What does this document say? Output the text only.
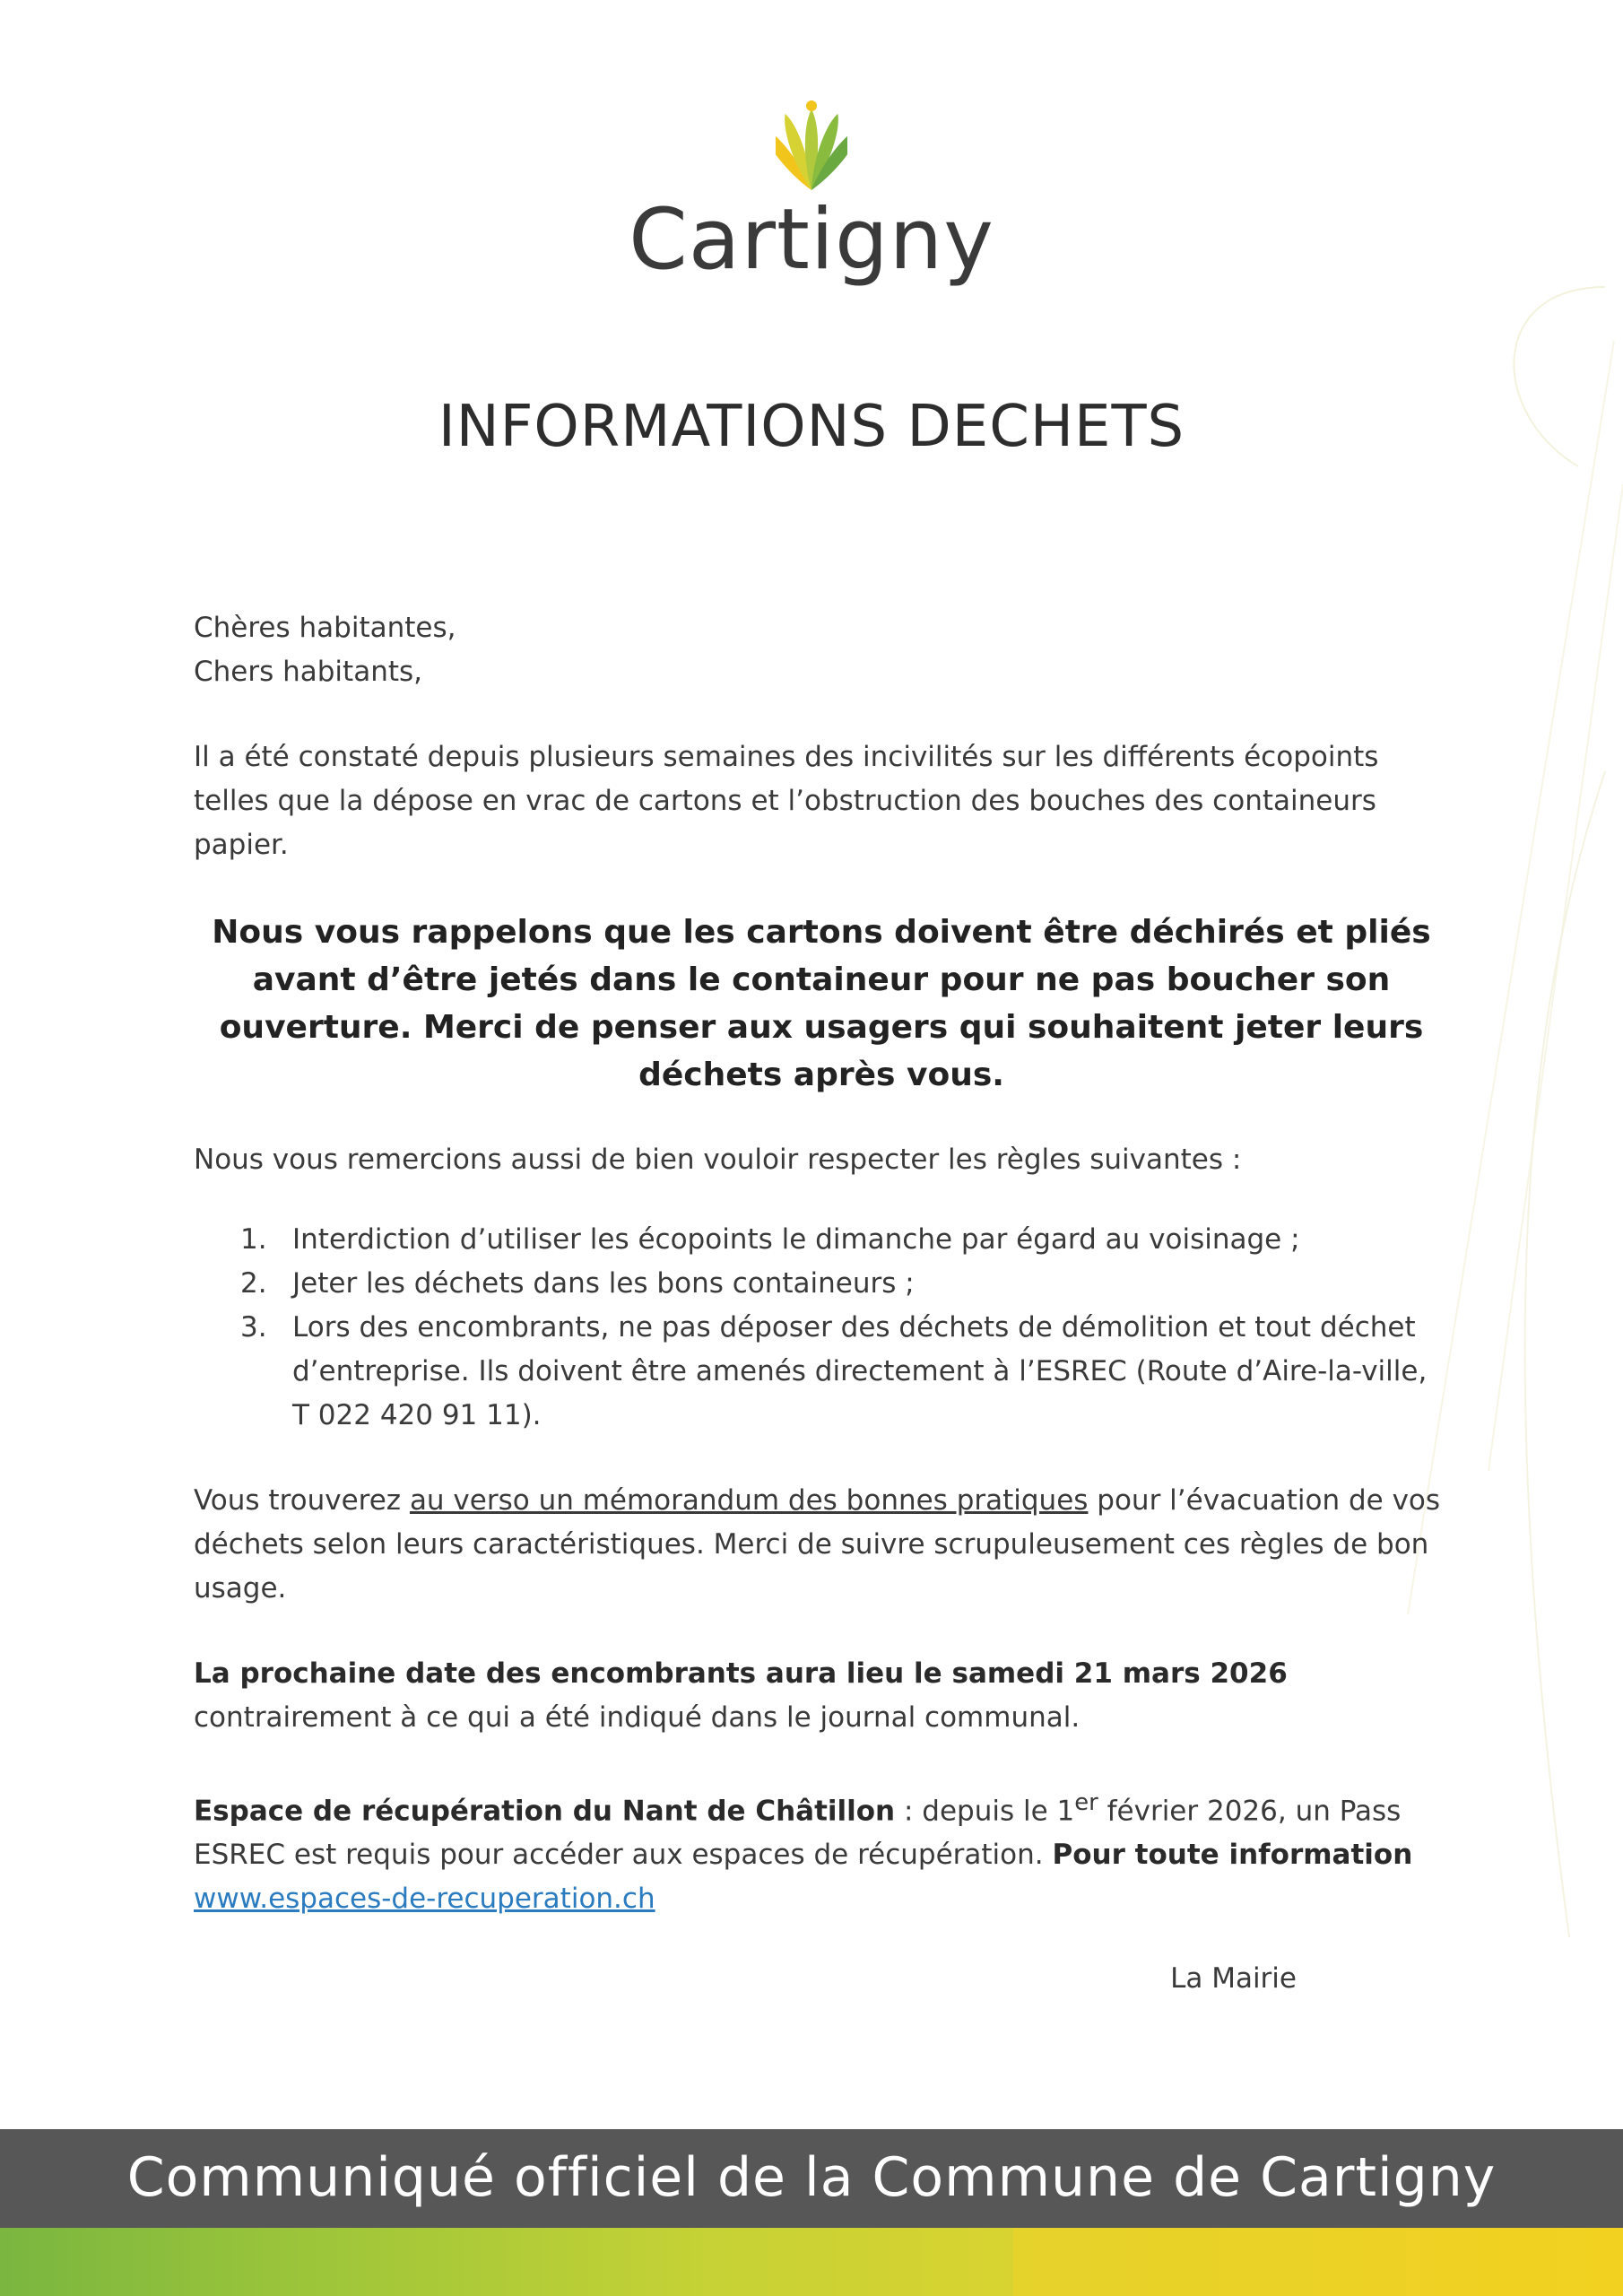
Cartigny
INFORMATIONS DECHETS

Chères habitantes,
Chers habitants,

Il a été constaté depuis plusieurs semaines des incivilités sur les différents écopoints telles que la dépose en vrac de cartons et l’obstruction des bouches des containeurs papier.

Nous vous rappelons que les cartons doivent être déchirés et pliés avant d’être jetés dans le containeur pour ne pas boucher son ouverture. Merci de penser aux usagers qui souhaitent jeter leurs déchets après vous.

Nous vous remercions aussi de bien vouloir respecter les règles suivantes :

1. Interdiction d’utiliser les écopoints le dimanche par égard au voisinage ;
2. Jeter les déchets dans les bons containeurs ;
3. Lors des encombrants, ne pas déposer des déchets de démolition et tout déchet d’entreprise. Ils doivent être amenés directement à l’ESREC (Route d’Aire-la-ville, T 022 420 91 11).

Vous trouverez au verso un mémorandum des bonnes pratiques pour l’évacuation de vos déchets selon leurs caractéristiques. Merci de suivre scrupuleusement ces règles de bon usage.

La prochaine date des encombrants aura lieu le samedi 21 mars 2026 contrairement à ce qui a été indiqué dans le journal communal.

Espace de récupération du Nant de Châtillon : depuis le 1er février 2026, un Pass ESREC est requis pour accéder aux espaces de récupération. Pour toute information
www.espaces-de-recuperation.ch

La Mairie

Communiqué officiel de la Commune de Cartigny
